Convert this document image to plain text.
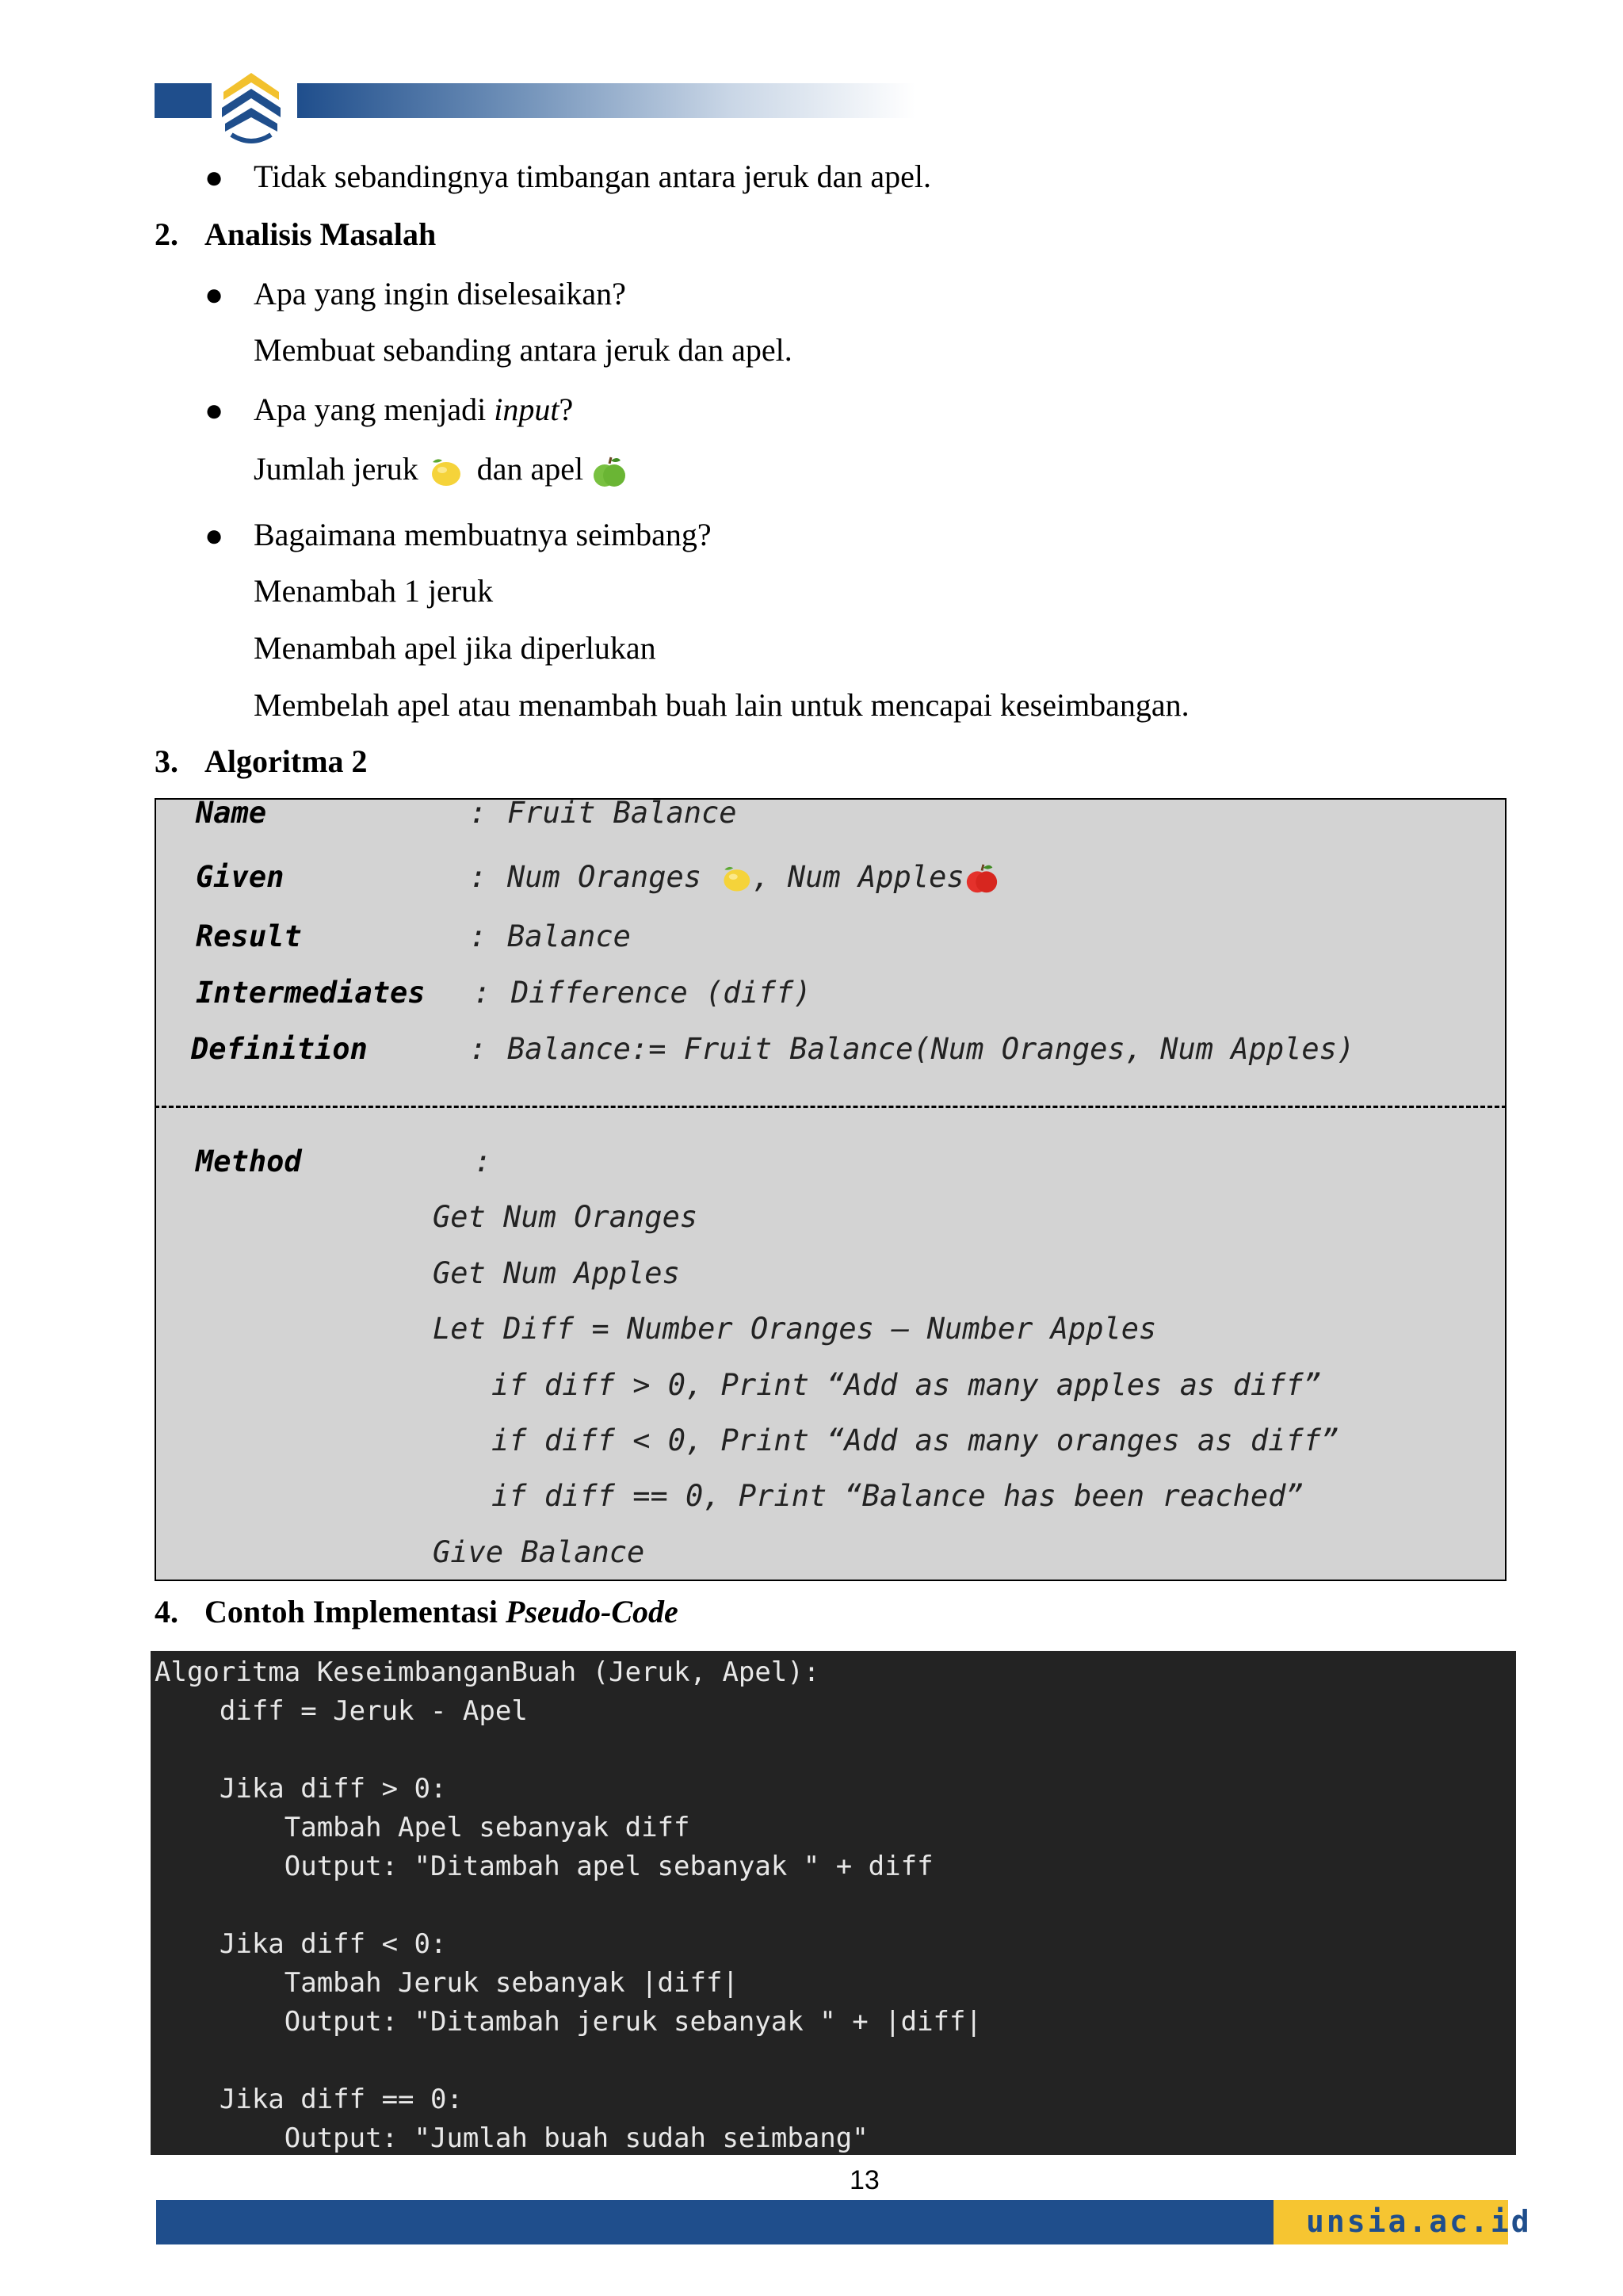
● Tidak sebandingnya timbangan antara jeruk dan apel.
2. Analisis Masalah
● Apa yang ingin diselesaikan?
Membuat sebanding antara jeruk dan apel.
● Apa yang menjadi input?
Jumlah jeruk dan apel
● Bagaimana membuatnya seimbang?
Menambah 1 jeruk
Menambah apel jika diperlukan
Membelah apel atau menambah buah lain untuk mencapai keseimbangan.
3. Algoritma 2
Name	: Fruit Balance
Given	: Num Oranges , Num Apples
Result	: Balance
Intermediates : Difference (diff)
Definition	: Balance:= Fruit Balance(Num Oranges, Num Apples)
Method	:
Get Num Oranges
Get Num Apples
Let Diff = Number Oranges – Number Apples
if diff > 0, Print “Add as many apples as diff”
if diff < 0, Print “Add as many oranges as diff”
if diff == 0, Print “Balance has been reached”
Give Balance
4. Contoh Implementasi Pseudo-Code
Algoritma KeseimbanganBuah (Jeruk, Apel):
diff = Jeruk - Apel
Jika diff > 0:
Tambah Apel sebanyak diff
Output: "Ditambah apel sebanyak " + diff
Jika diff < 0:
Tambah Jeruk sebanyak |diff|
Output: "Ditambah jeruk sebanyak " + |diff|
Jika diff == 0:
Output: "Jumlah buah sudah seimbang"
13
unsia.ac.id
